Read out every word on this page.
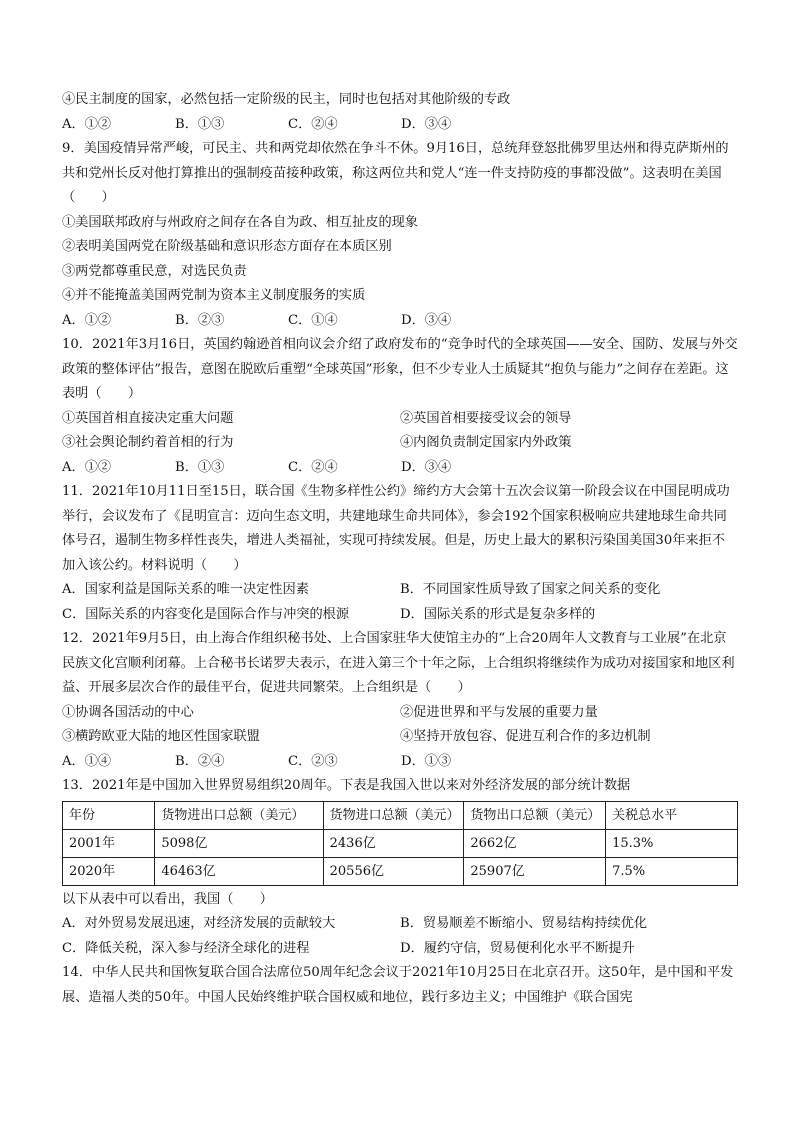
④民主制度的国家，必然包括一定阶级的民主，同时也包括对其他阶级的专政
A．①②	B．①③	C．②④	D．③④
9．美国疫情异常严峻，可民主、共和两党却依然在争斗不休。9月16日，总统拜登怒批佛罗里达州和得克萨斯州的共和党州长反对他打算推出的强制疫苗接种政策，称这两位共和党人“连一件支持防疫的事都没做”。这表明在美国（　　）
①美国联邦政府与州政府之间存在各自为政、相互扯皮的现象
②表明美国两党在阶级基础和意识形态方面存在本质区别
③两党都尊重民意，对选民负责
④并不能掩盖美国两党制为资本主义制度服务的实质
A．①②	B．②③	C．①④	D．③④
10．2021年3月16日，英国约翰逊首相向议会介绍了政府发布的“竞争时代的全球英国——安全、国防、发展与外交政策的整体评估”报告，意图在脱欧后重塑“全球英国”形象，但不少专业人士质疑其“抱负与能力”之间存在差距。这表明（　　）
①英国首相直接决定重大问题	②英国首相要接受议会的领导
③社会舆论制约着首相的行为	④内阁负责制定国家内外政策
A．①②	B．①③	C．②④	D．③④
11．2021年10月11日至15日，联合国《生物多样性公约》缔约方大会第十五次会议第一阶段会议在中国昆明成功举行，会议发布了《昆明宣言：迈向生态文明，共建地球生命共同体》，参会192个国家积极响应共建地球生命共同体号召，遏制生物多样性丧失，增进人类福祉，实现可持续发展。但是，历史上最大的累积污染国美国30年来拒不加入该公约。材料说明（　　）
A．国家利益是国际关系的唯一决定性因素	B．不同国家性质导致了国家之间关系的变化
C．国际关系的内容变化是国际合作与冲突的根源	D．国际关系的形式是复杂多样的
12．2021年9月5日，由上海合作组织秘书处、上合国家驻华大使馆主办的“上合20周年人文教育与工业展”在北京民族文化宫顺利闭幕。上合秘书长诺罗夫表示，在进入第三个十年之际，上合组织将继续作为成功对接国家和地区利益、开展多层次合作的最佳平台，促进共同繁荣。上合组织是（　　）
①协调各国活动的中心	②促进世界和平与发展的重要力量
③横跨欧亚大陆的地区性国家联盟	④坚持开放包容、促进互利合作的多边机制
A．①④	B．②④	C．②③	D．①③
13．2021年是中国加入世界贸易组织20周年。下表是我国入世以来对外经济发展的部分统计数据
年份	货物进出口总额（美元）	货物进口总额（美元）	货物出口总额（美元）	关税总水平
2001年	5098亿	2436亿	2662亿	15.3%
2020年	46463亿	20556亿	25907亿	7.5%
以下从表中可以看出，我国（　　）
A．对外贸易发展迅速，对经济发展的贡献较大	B．贸易顺差不断缩小、贸易结构持续优化
C．降低关税，深入参与经济全球化的进程	D．履约守信，贸易便利化水平不断提升
14．中华人民共和国恢复联合国合法席位50周年纪念会议于2021年10月25日在北京召开。这50年，是中国和平发展、造福人类的50年。中国人民始终维护联合国权威和地位，践行多边主义；中国维护《联合国宪
